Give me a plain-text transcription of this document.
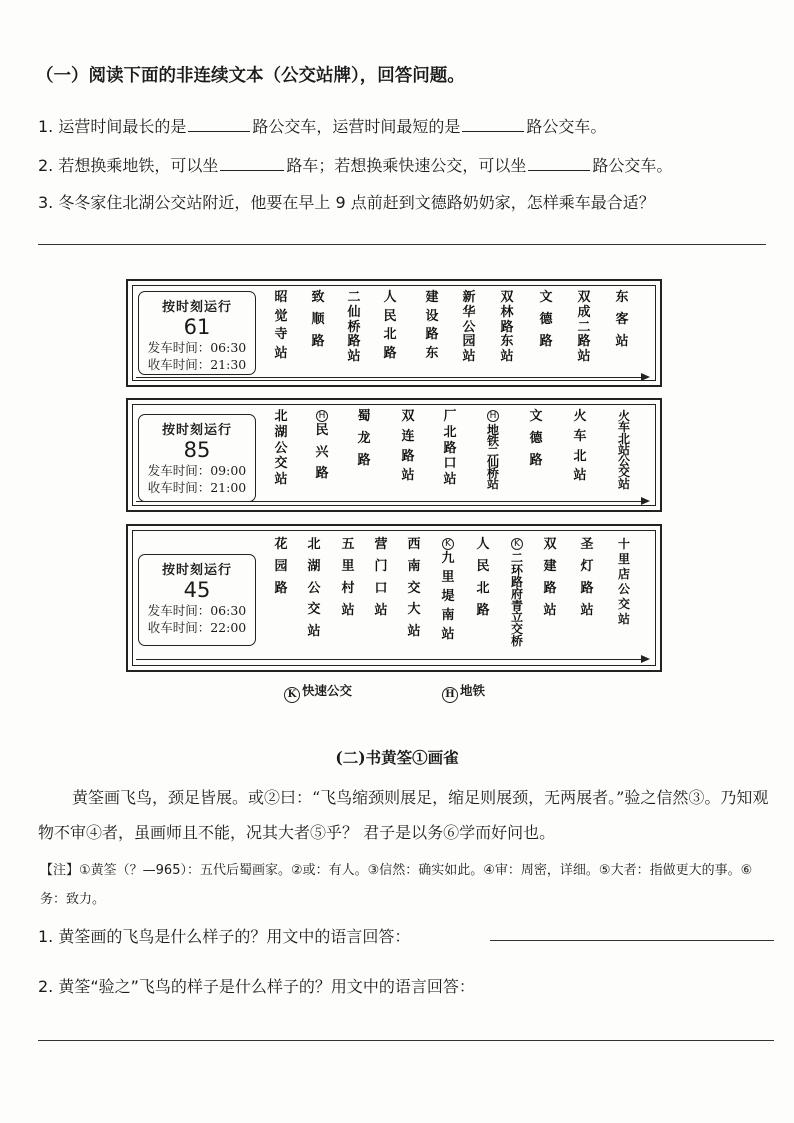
（一）阅读下面的非连续文本（公交站牌），回答问题。
1. 运营时间最长的是	路公交车，运营时间最短的是	路公交车。
2. 若想换乘地铁，可以坐	路车；若想换乘快速公交，可以坐	路公交车。
3. 冬冬家住北湖公交站附近，他要在早上 9 点前赶到文德路奶奶家，怎样乘车最合适？
按时刻运行
61
发车时间：06:30
收车时间：21:30
昭
觉
寺
站
致
顺
路
二
仙
桥
路
站
人
民
北
路
建
设
路
东
新
华
公
园
站
双
林
路
东
站
文
德
路
双
成
二
路
站
东
客
站
按时刻运行
85
发车时间：09:00
收车时间：21:00
北
湖
公
交
站
H
民
兴
路
蜀
龙
路
双
连
路
站
厂
北
路
口
站
H
地
铁
二
仙
桥
站
文
德
路
火
车
北
站
火
车
北
站
公
交
站
按时刻运行
45
发车时间：06:30
收车时间：22:00
花
园
路
北
湖
公
交
站
五
里
村
站
营
门
口
站
西
南
交
大
站
K
九
里
堤
南
站
人
民
北
路
K
二
环
路
府
青
立
交
桥
双
建
路
站
圣
灯
路
站
十
里
店
公
交
站
K 快速公交	H 地铁
(二)书黄筌①画雀
黄筌画飞鸟，颈足皆展。或②曰：“飞鸟缩颈则展足，缩足则展颈，无两展者。”验之信然③。乃知观物不审④者，虽画师且不能，况其大者⑤乎？ 君子是以务⑥学而好问也。
【注】①黄筌（？—965）：五代后蜀画家。②或：有人。③信然：确实如此。④审：周密，详细。⑤大者：指做更大的事。⑥务：致力。
1. 黄筌画的飞鸟是什么样子的？用文中的语言回答：
2. 黄筌“验之”飞鸟的样子是什么样子的？用文中的语言回答：
